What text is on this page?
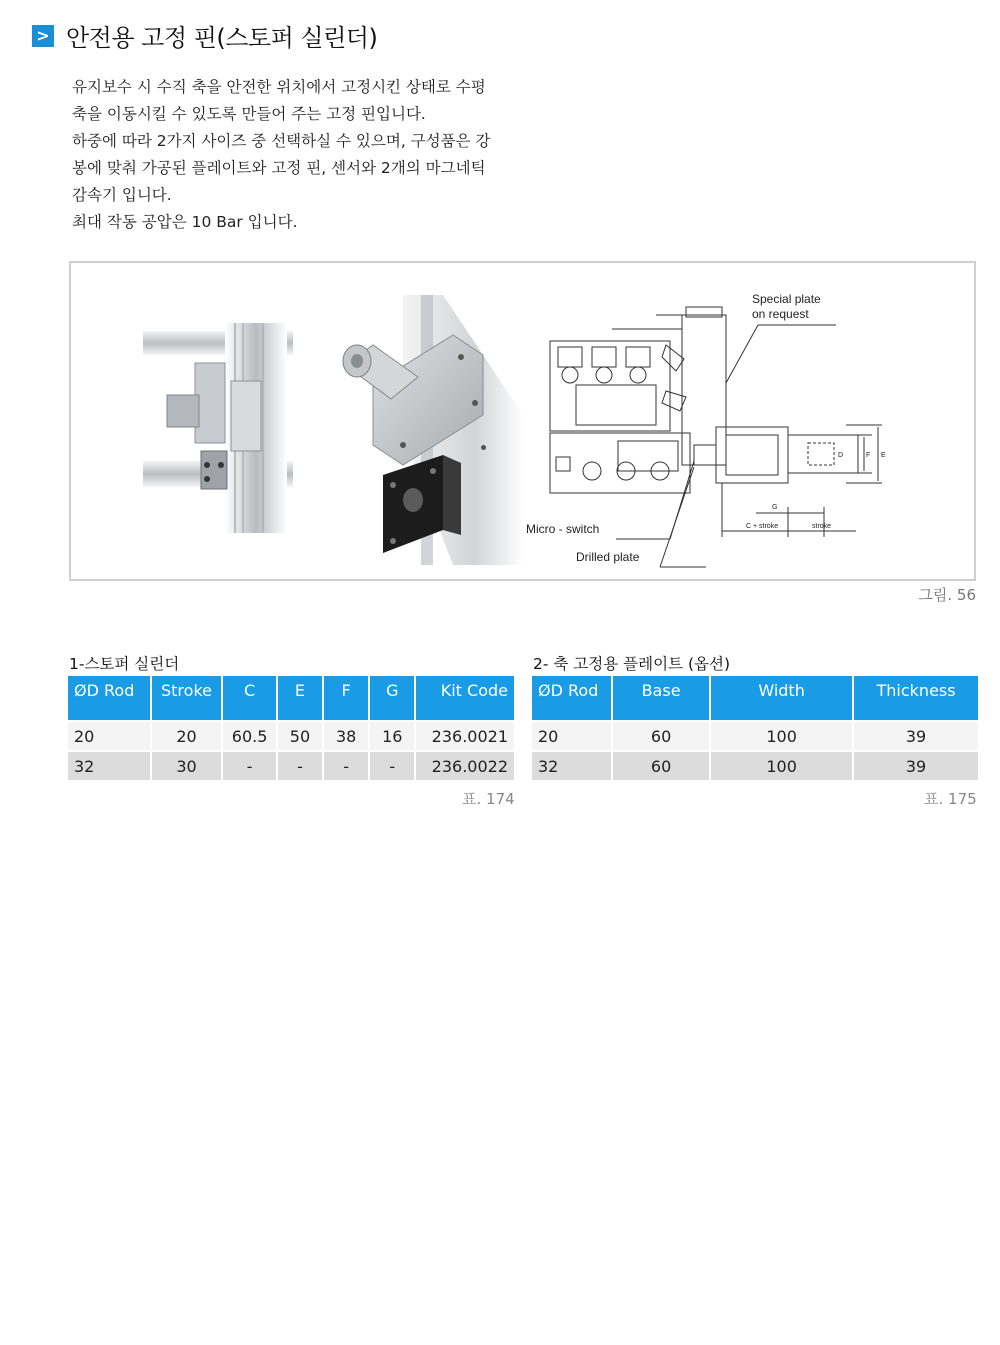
> 안전용 고정 핀(스토퍼 실린더)

유지보수 시 수직 축을 안전한 위치에서 고정시킨 상태로 수평

축을 이동시킬 수 있도록 만들어 주는 고정 핀입니다.

하중에 따라 2가지 사이즈 중 선택하실 수 있으며, 구성품은 강

봉에 맞춰 가공된 플레이트와 고정 핀, 센서와 2개의 마그네틱

감속기 입니다.

최대 작동 공압은 10 Bar 입니다.

Special plate
on request
Micro - switch
Drilled plate
G
C + stroke	stroke
D	F E
그림. 56
1-스토퍼 실린더
ØD Rod	Stroke	C	E	F	G	Kit Code
20	20	60.5	50	38	16	236.0021
32	30	-	-	-	-	236.0022
표. 174
2- 축 고정용 플레이트 (옵션)
ØD Rod	Base	Width	Thickness
20	60	100	39
32	60	100	39
표. 175
